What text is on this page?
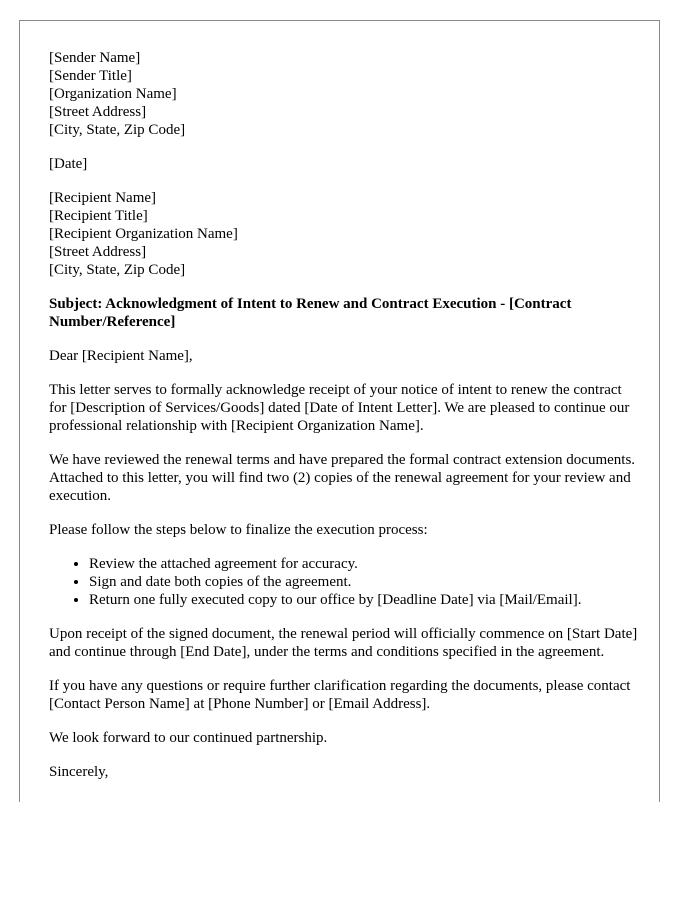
[Sender Name]
[Sender Title]
[Organization Name]
[Street Address]
[City, State, Zip Code]
[Date]
[Recipient Name]
[Recipient Title]
[Recipient Organization Name]
[Street Address]
[City, State, Zip Code]
Subject: Acknowledgment of Intent to Renew and Contract Execution - [Contract Number/Reference]

Dear [Recipient Name],

This letter serves to formally acknowledge receipt of your notice of intent to renew the contract for [Description of Services/Goods] dated [Date of Intent Letter]. We are pleased to continue our professional relationship with [Recipient Organization Name].

We have reviewed the renewal terms and have prepared the formal contract extension documents. Attached to this letter, you will find two (2) copies of the renewal agreement for your review and execution.

Please follow the steps below to finalize the execution process:

• Review the attached agreement for accuracy.
• Sign and date both copies of the agreement.
• Return one fully executed copy to our office by [Deadline Date] via [Mail/Email].

Upon receipt of the signed document, the renewal period will officially commence on [Start Date] and continue through [End Date], under the terms and conditions specified in the agreement.

If you have any questions or require further clarification regarding the documents, please contact [Contact Person Name] at [Phone Number] or [Email Address].

We look forward to our continued partnership.

Sincerely,
